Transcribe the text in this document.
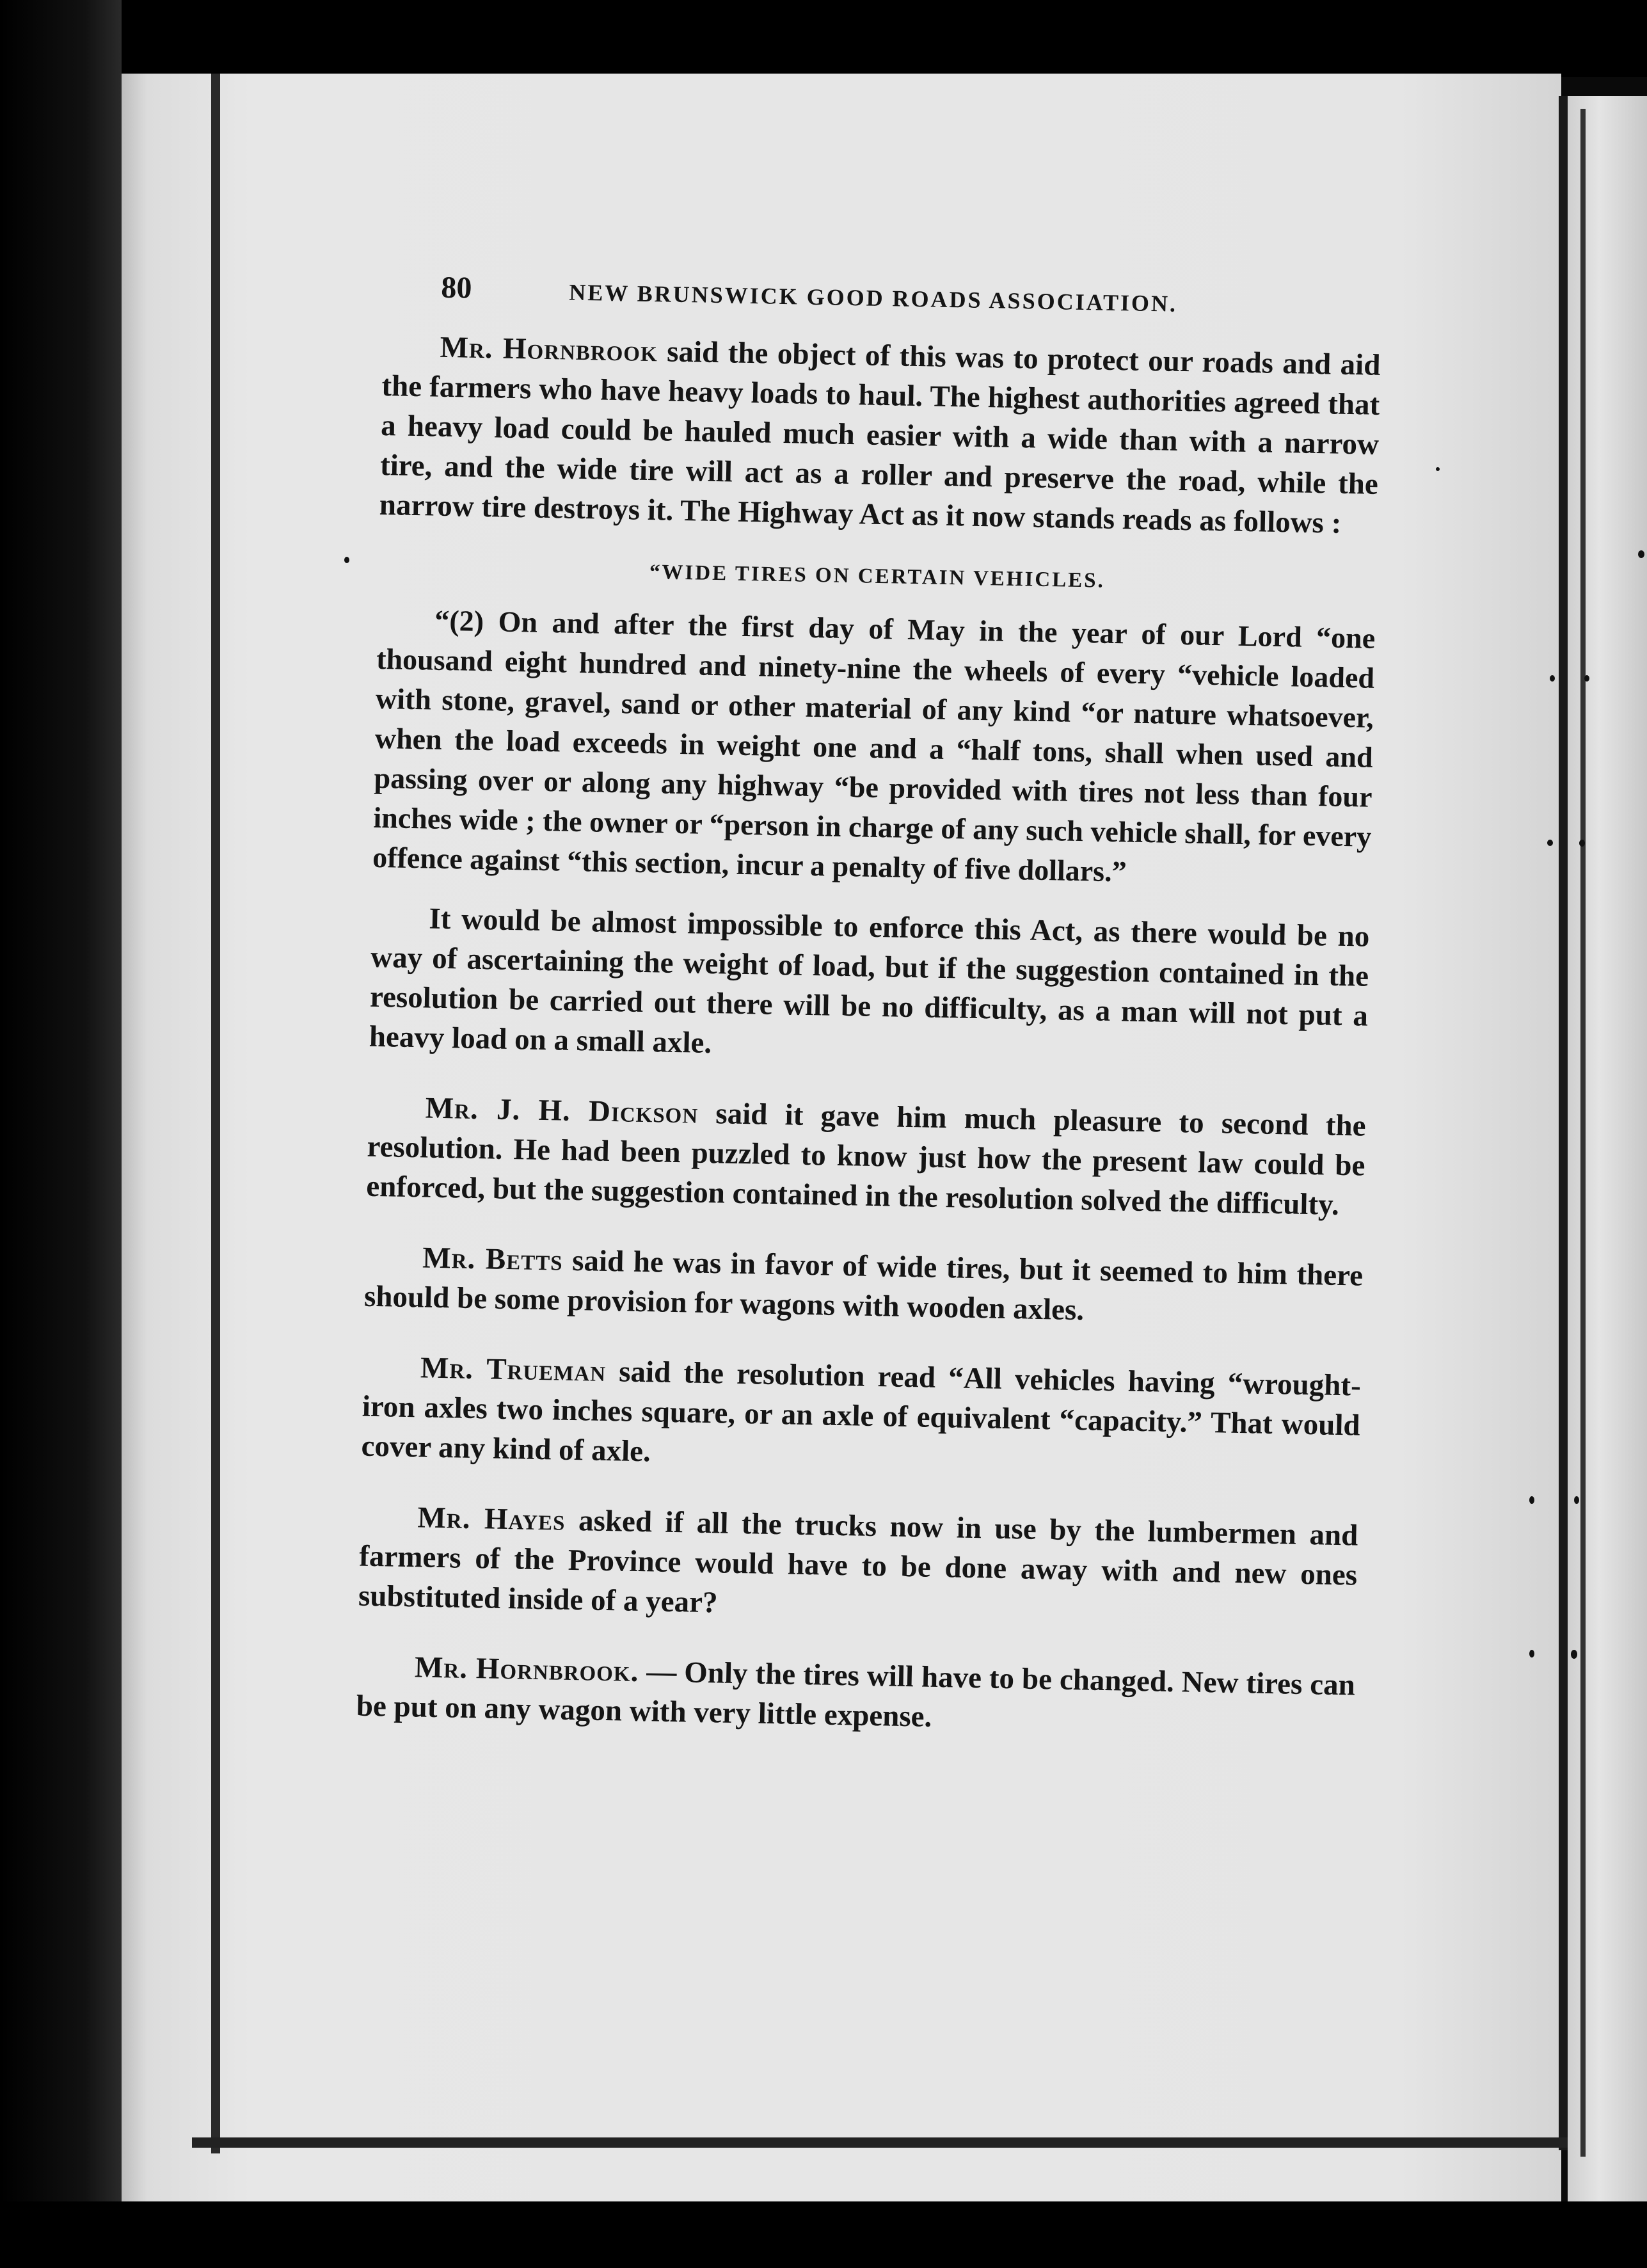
80	NEW BRUNSWICK GOOD ROADS ASSOCIATION.

Mr. Hornbrook said the object of this was to protect our roads and aid the farmers who have heavy loads to haul. The highest authorities agreed that a heavy load could be hauled much easier with a wide than with a narrow tire, and the wide tire will act as a roller and preserve the road, while the narrow tire destroys it. The Highway Act as it now stands reads as follows :

“WIDE TIRES ON CERTAIN VEHICLES.

“(2) On and after the first day of May in the year of our Lord “one thousand eight hundred and ninety-nine the wheels of every “vehicle loaded with stone, gravel, sand or other material of any kind “or nature whatsoever, when the load exceeds in weight one and a “half tons, shall when used and passing over or along any highway “be provided with tires not less than four inches wide ; the owner or “person in charge of any such vehicle shall, for every offence against “this section, incur a penalty of five dollars.”

It would be almost impossible to enforce this Act, as there would be no way of ascertaining the weight of load, but if the suggestion contained in the resolution be carried out there will be no difficulty, as a man will not put a heavy load on a small axle.

Mr. J. H. Dickson said it gave him much pleasure to second the resolution. He had been puzzled to know just how the present law could be enforced, but the suggestion contained in the resolution solved the difficulty.

Mr. Betts said he was in favor of wide tires, but it seemed to him there should be some provision for wagons with wooden axles.

Mr. Trueman said the resolution read “All vehicles having “wrought-iron axles two inches square, or an axle of equivalent “capacity.” That would cover any kind of axle.

Mr. Hayes asked if all the trucks now in use by the lumbermen and farmers of the Province would have to be done away with and new ones substituted inside of a year?

Mr. Hornbrook. — Only the tires will have to be changed. New tires can be put on any wagon with very little expense.
